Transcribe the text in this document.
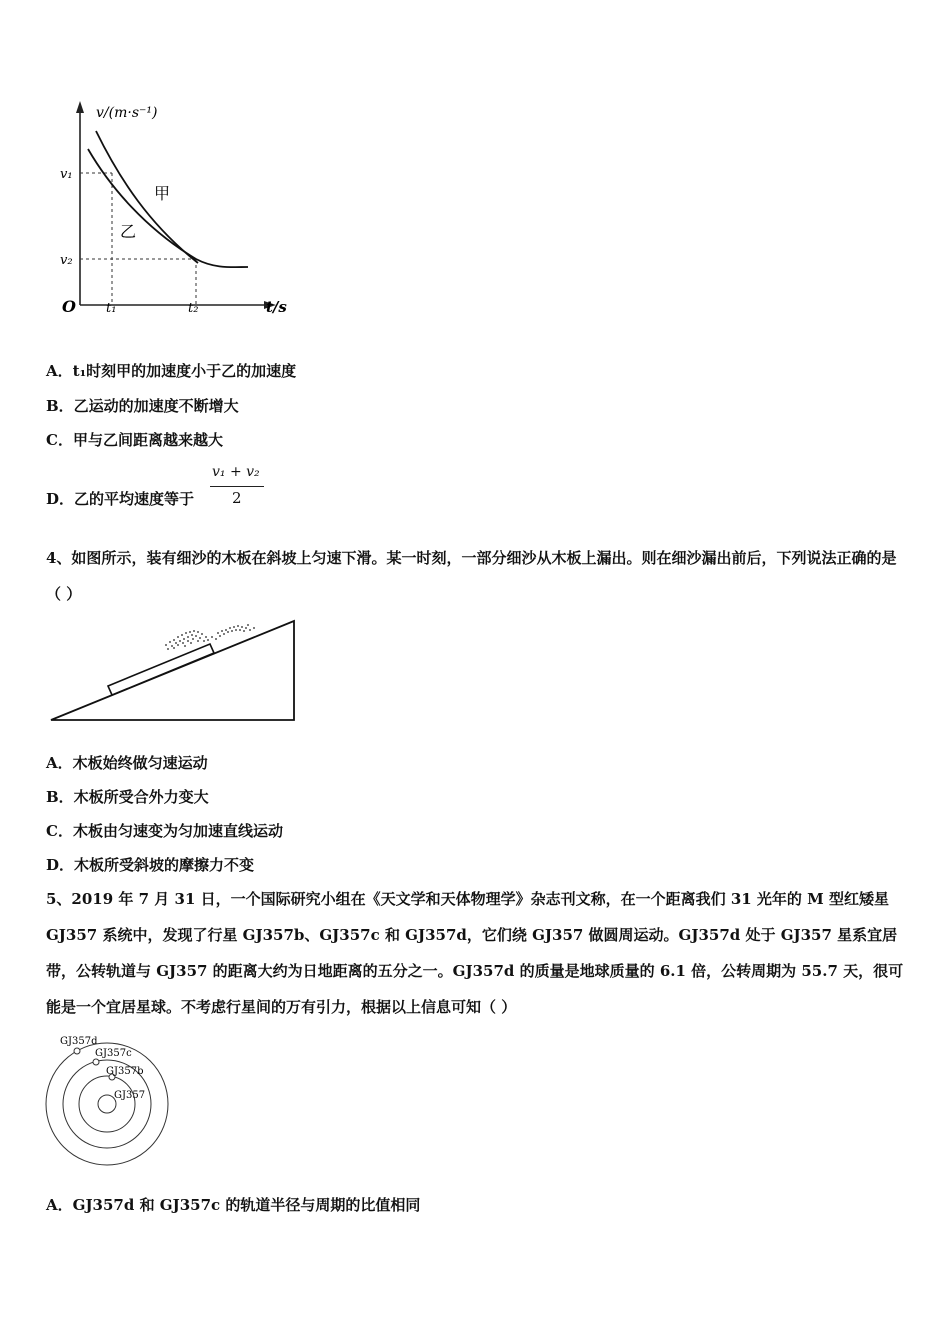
v/(m·s⁻¹)
O
v₁
v₂
t₁	t₂	t/s
甲
乙
A．t₁时刻甲的加速度小于乙的加速度
B．乙运动的加速度不断增大
C．甲与乙间距离越来越大
D．乙的平均速度等于
v₁ + v₂
2
4、如图所示，装有细沙的木板在斜坡上匀速下滑。某一时刻，一部分细沙从木板上漏出。则在细沙漏出前后，下列说法正确的是（ ）
A．木板始终做匀速运动
B．木板所受合外力变大
C．木板由匀速变为匀加速直线运动
D．木板所受斜坡的摩擦力不变
5、2019 年 7 月 31 日，一个国际研究小组在《天文学和天体物理学》杂志刊文称，在一个距离我们 31 光年的 M 型红矮星 GJ357 系统中，发现了行星 GJ357b、GJ357c 和 GJ357d，它们绕 GJ357 做圆周运动。GJ357d 处于 GJ357 星系宜居带，公转轨道与 GJ357 的距离大约为日地距离的五分之一。GJ357d 的质量是地球质量的 6.1 倍，公转周期为 55.7 天，很可能是一个宜居星球。不考虑行星间的万有引力，根据以上信息可知（ ）
GJ357d
GJ357c
GJ357b
GJ357
A．GJ357d 和 GJ357c 的轨道半径与周期的比值相同
